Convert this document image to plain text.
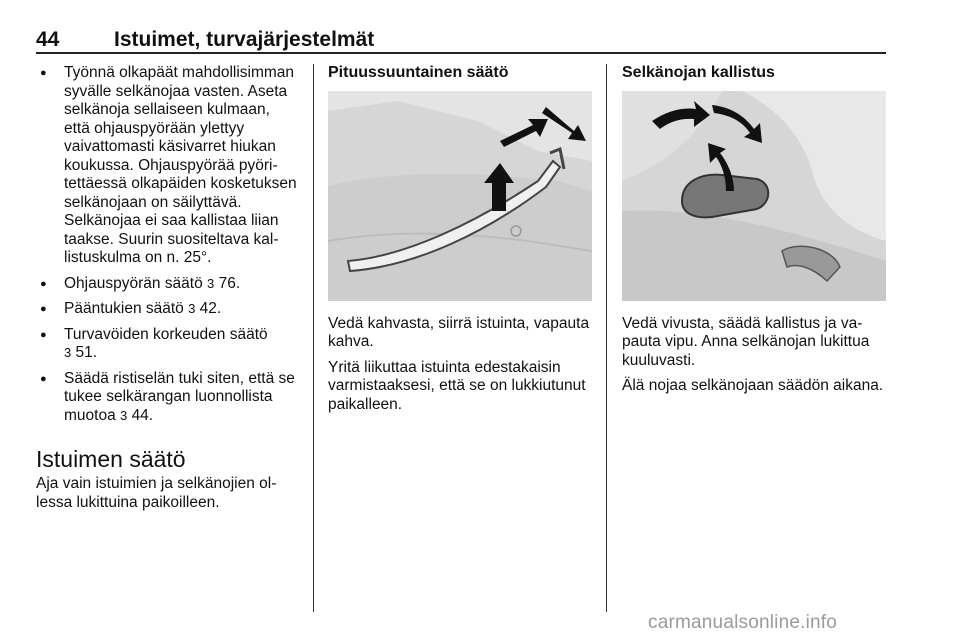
44	Istuimet, turvajärjestelmät
● Työnnä olkapäät mahdollisimman syvälle selkänojaa vasten. Aseta selkänoja sellaiseen kulmaan, että ohjauspyörään ylettyy vaivattomasti käsivarret hiukan koukussa. Ohjauspyörää pyöritettäessä olkapäiden kosketuksen selkänojaan on säilyttävä. Selkänojaa ei saa kallistaa liian taakse. Suurin suositeltava kallistuskulma on n. 25°.
● Ohjauspyörän säätö 3 76.
● Pääntukien säätö 3 42.
● Turvavöiden korkeuden säätö
3 51.
● Säädä ristiselän tuki siten, että se tukee selkärangan luonnollista muotoa 3 44.
Istuimen säätö

Aja vain istuimien ja selkänojien ollessa lukittuina paikoilleen.

Pituussuuntainen säätö

Vedä kahvasta, siirrä istuinta, vapauta kahva.

Yritä liikuttaa istuinta edestakaisin varmistaaksesi, että se on lukkiutunut paikalleen.

Selkänojan kallistus

Vedä vivusta, säädä kallistus ja vapauta vipu. Anna selkänojan lukittua kuuluvasti.

Älä nojaa selkänojaan säädön aikana.

carmanualsonline.info
